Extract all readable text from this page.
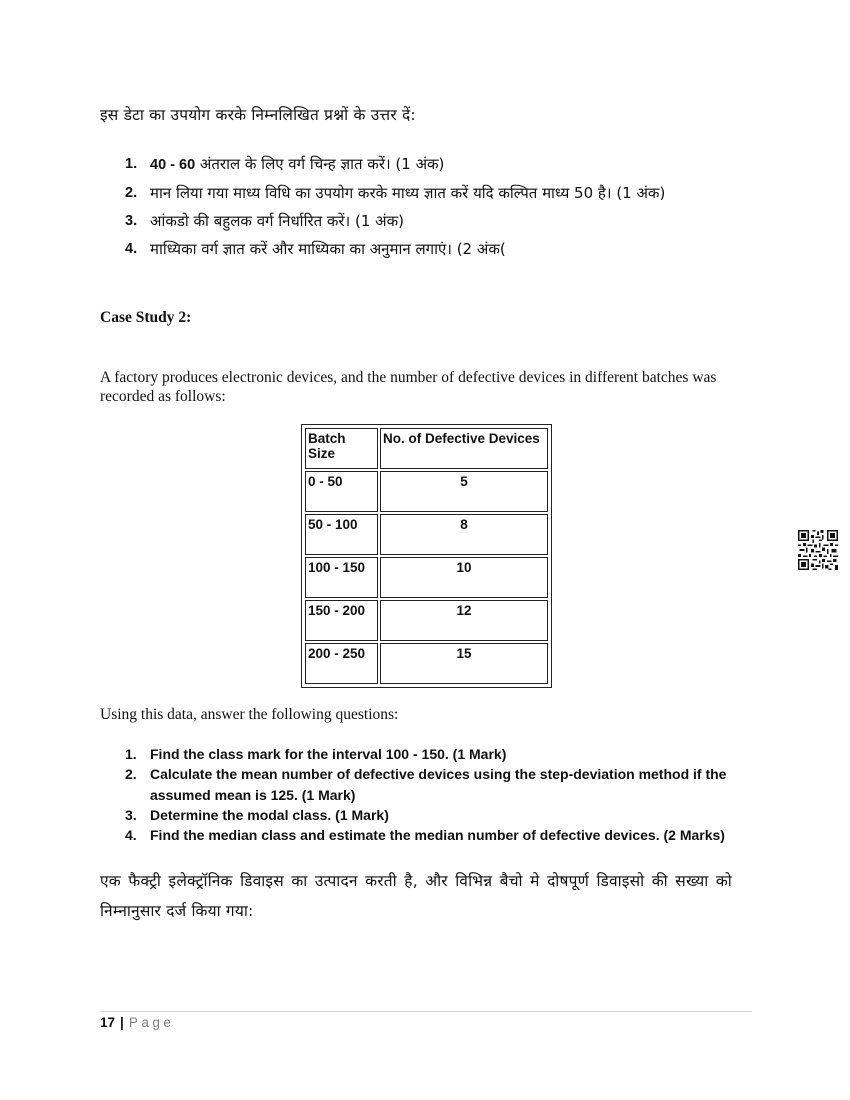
इस डेटा का उपयोग करके निम्नलिखित प्रश्नों के उत्तर दें:
1. 40 - 60 अंतराल के लिए वर्ग चिन्ह ज्ञात करें। (1 अंक)
2. मान लिया गया माध्य विधि का उपयोग करके माध्य ज्ञात करें यदि कल्पित माध्य 50 है। (1 अंक)
3. आंकडो की बहुलक वर्ग निर्धारित करें। (1 अंक)
4. माध्यिका वर्ग ज्ञात करें और माध्यिका का अनुमान लगाएं। (2 अंक(
Case Study 2:
A factory produces electronic devices, and the number of defective devices in different batches was recorded as follows:
Batch Size	No. of Defective Devices
0 - 50	5
50 - 100	8
100 - 150	10
150 - 200	12
200 - 250	15
Using this data, answer the following questions:
1. Find the class mark for the interval 100 - 150. (1 Mark)
2. Calculate the mean number of defective devices using the step-deviation method if the assumed mean is 125. (1 Mark)
3. Determine the modal class. (1 Mark)
4. Find the median class and estimate the median number of defective devices. (2 Marks)
एक फैक्ट्री इलेक्ट्रॉनिक डिवाइस का उत्पादन करती है, और विभिन्न बैचो मे दोषपूर्ण डिवाइसो की सख्या को निम्नानुसार दर्ज किया गया:
17 | Page
